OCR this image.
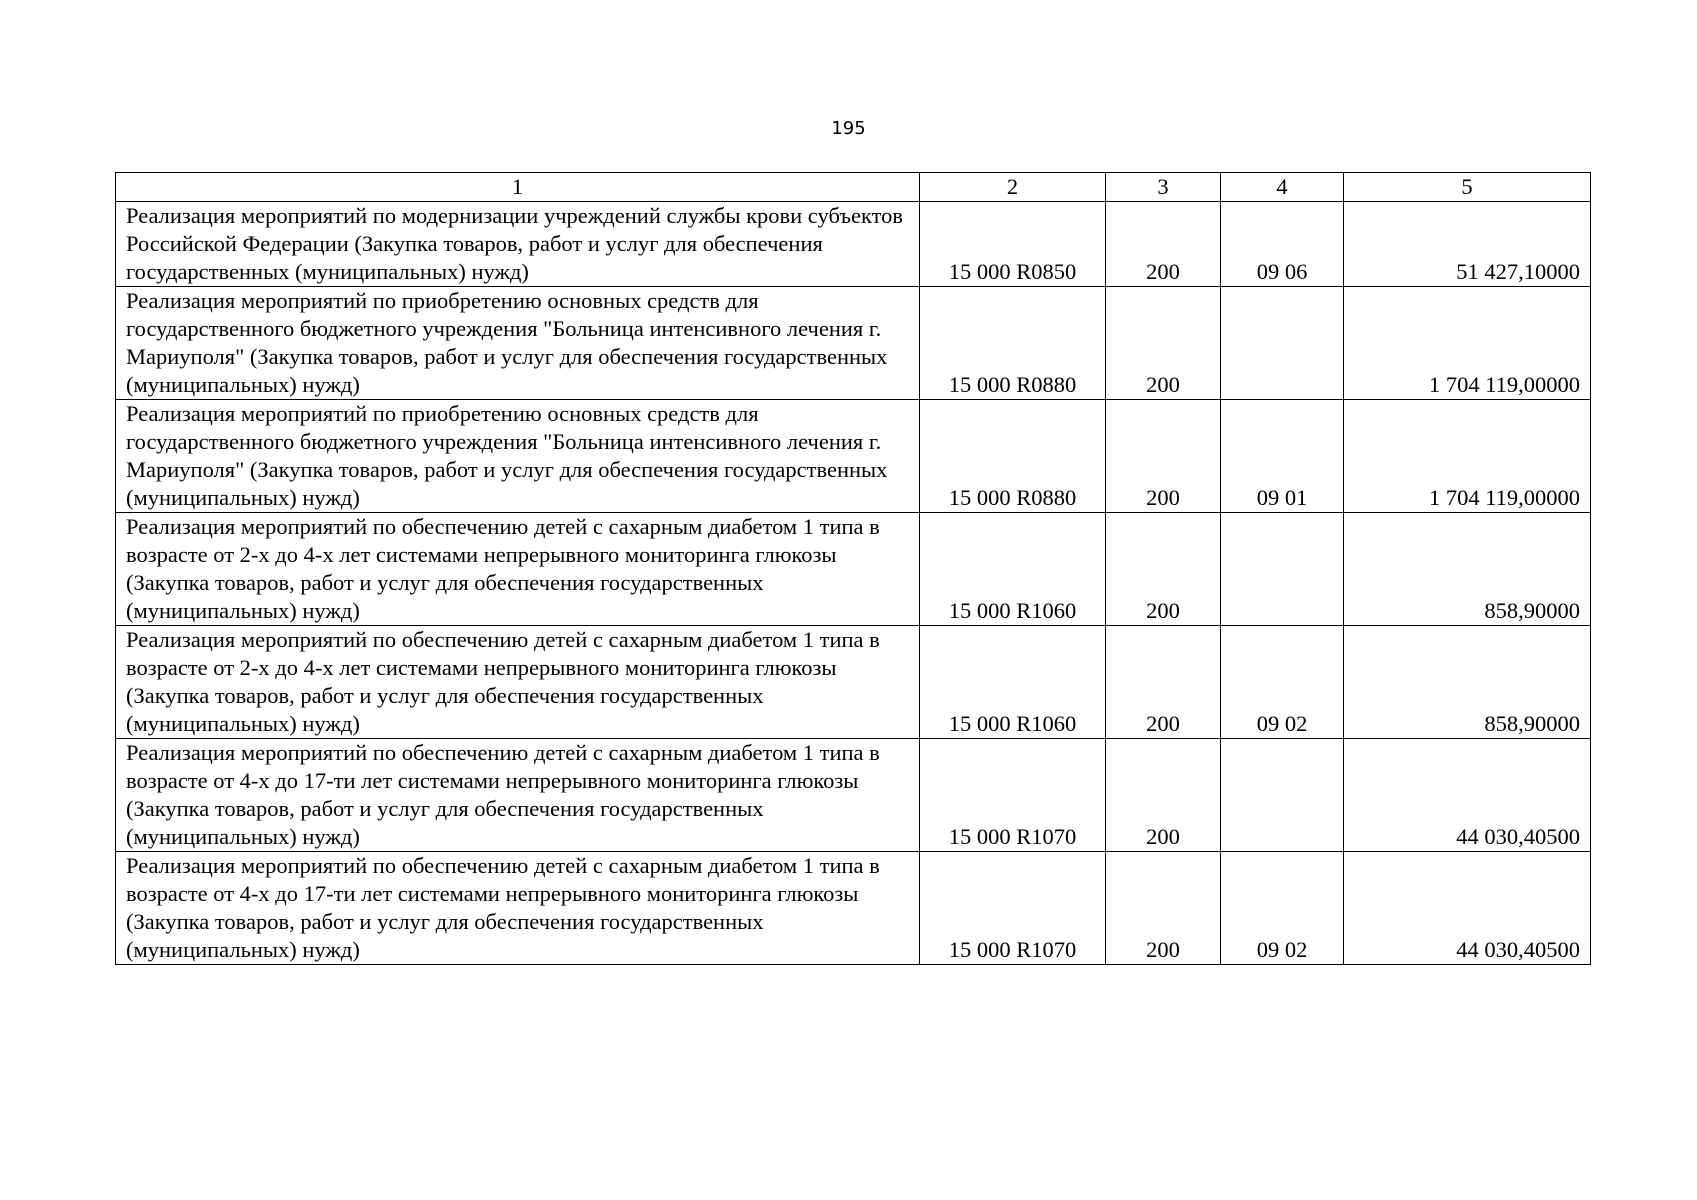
195
1	2	3	4	5
Реализация мероприятий по модернизации учреждений службы крови субъектов Российской Федерации (Закупка товаров, работ и услуг для обеспечения государственных (муниципальных) нужд)	15 000 R0850	200	09 06	51 427,10000
Реализация мероприятий по приобретению основных средств для государственного бюджетного учреждения "Больница интенсивного лечения г. Мариуполя" (Закупка товаров, работ и услуг для обеспечения государственных (муниципальных) нужд)	15 000 R0880	200		1 704 119,00000
Реализация мероприятий по приобретению основных средств для государственного бюджетного учреждения "Больница интенсивного лечения г. Мариуполя" (Закупка товаров, работ и услуг для обеспечения государственных (муниципальных) нужд)	15 000 R0880	200	09 01	1 704 119,00000
Реализация мероприятий по обеспечению детей с сахарным диабетом 1 типа в возрасте от 2-х до 4-х лет системами непрерывного мониторинга глюкозы (Закупка товаров, работ и услуг для обеспечения государственных (муниципальных) нужд)	15 000 R1060	200		858,90000
Реализация мероприятий по обеспечению детей с сахарным диабетом 1 типа в возрасте от 2-х до 4-х лет системами непрерывного мониторинга глюкозы (Закупка товаров, работ и услуг для обеспечения государственных (муниципальных) нужд)	15 000 R1060	200	09 02	858,90000
Реализация мероприятий по обеспечению детей с сахарным диабетом 1 типа в возрасте от 4-х до 17-ти лет системами непрерывного мониторинга глюкозы (Закупка товаров, работ и услуг для обеспечения государственных (муниципальных) нужд)	15 000 R1070	200		44 030,40500
Реализация мероприятий по обеспечению детей с сахарным диабетом 1 типа в возрасте от 4-х до 17-ти лет системами непрерывного мониторинга глюкозы (Закупка товаров, работ и услуг для обеспечения государственных (муниципальных) нужд)	15 000 R1070	200	09 02	44 030,40500
